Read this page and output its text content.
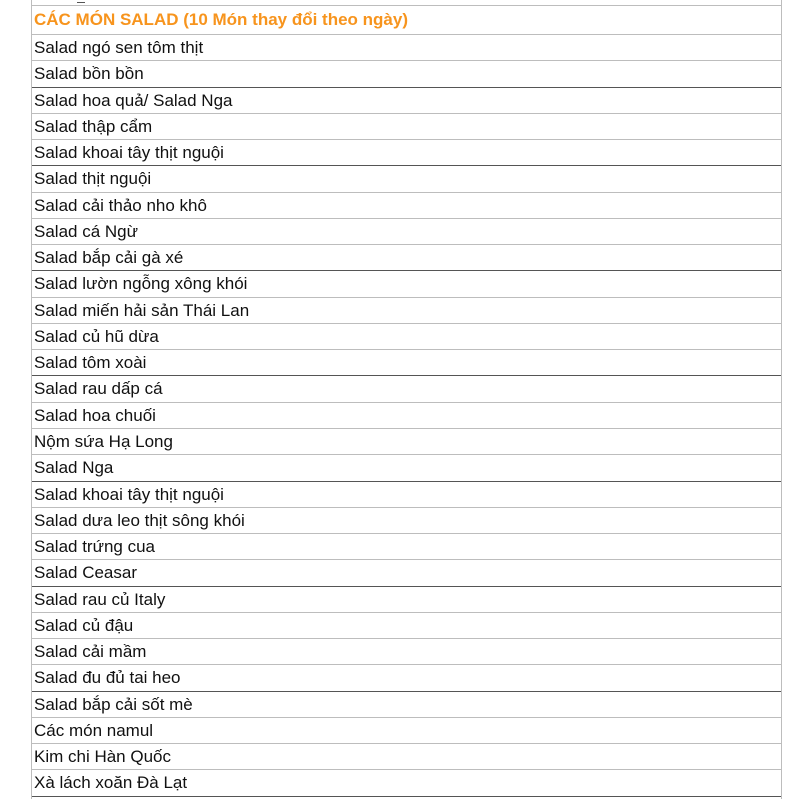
CÁC MÓN SALAD (10 Món thay đổi theo ngày)
Salad ngó sen tôm thịt
Salad bồn bồn
Salad hoa quả/ Salad Nga
Salad thập cẩm
Salad khoai tây thịt nguội
Salad thịt nguội
Salad cải thảo nho khô
Salad cá Ngừ
Salad bắp cải gà xé
Salad lườn ngỗng xông khói
Salad miến hải sản Thái Lan
Salad củ hũ dừa
Salad tôm xoài
Salad rau dấp cá
Salad hoa chuối
Nộm sứa Hạ Long
Salad Nga
Salad khoai tây thịt nguội
Salad dưa leo thịt sông khói
Salad trứng cua
Salad Ceasar
Salad rau củ Italy
Salad củ đậu
Salad cải mầm
Salad đu đủ tai heo
Salad bắp cải sốt mè
Các món namul
Kim chi Hàn Quốc
Xà lách xoăn Đà Lạt
